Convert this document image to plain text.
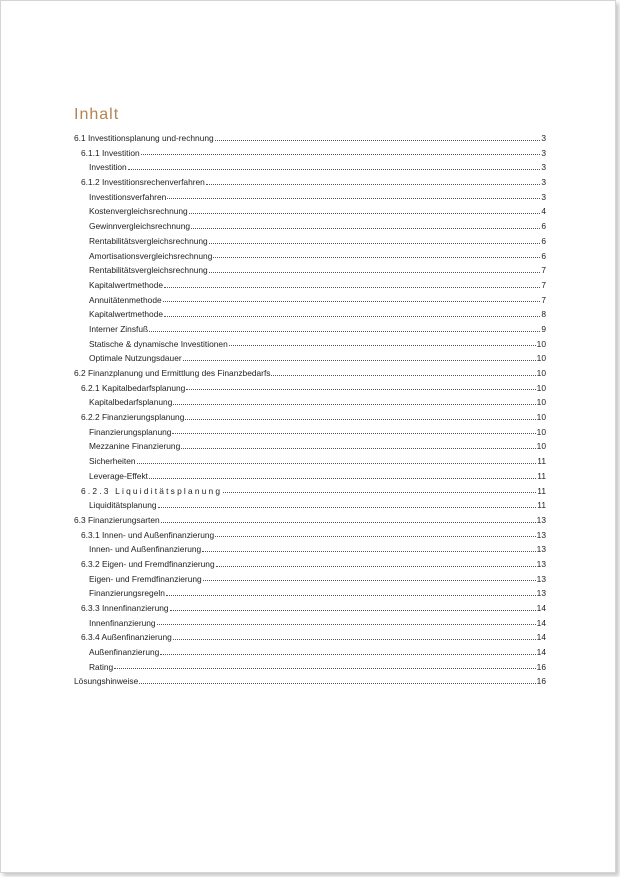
Inhalt
6.1 Investitionsplanung und-rechnung	3
6.1.1 Investition	3
Investition	3
6.1.2 Investitionsrechenverfahren	3
Investitionsverfahren	3
Kostenvergleichsrechnung	4
Gewinnvergleichsrechnung	6
Rentabilitätsvergleichsrechnung	6
Amortisationsvergleichsrechnung	6
Rentabilitätsvergleichsrechnung	7
Kapitalwertmethode	7
Annuitätenmethode	7
Kapitalwertmethode	8
Interner Zinsfuß	9
Statische & dynamische Investitionen	10
Optimale Nutzungsdauer	10
6.2 Finanzplanung und Ermittlung des Finanzbedarfs	10
6.2.1 Kapitalbedarfsplanung	10
Kapitalbedarfsplanung	10
6.2.2 Finanzierungsplanung	10
Finanzierungsplanung	10
Mezzanine Finanzierung	10
Sicherheiten	11
Leverage-Effekt	11
6.2.3 Liquiditätsplanung	11
Liquiditätsplanung	11
6.3 Finanzierungsarten	13
6.3.1 Innen- und Außenfinanzierung	13
Innen- und Außenfinanzierung	13
6.3.2 Eigen- und Fremdfinanzierung	13
Eigen- und Fremdfinanzierung	13
Finanzierungsregeln	13
6.3.3 Innenfinanzierung	14
Innenfinanzierung	14
6.3.4 Außenfinanzierung	14
Außenfinanzierung	14
Rating	16
Lösungshinweise	16
